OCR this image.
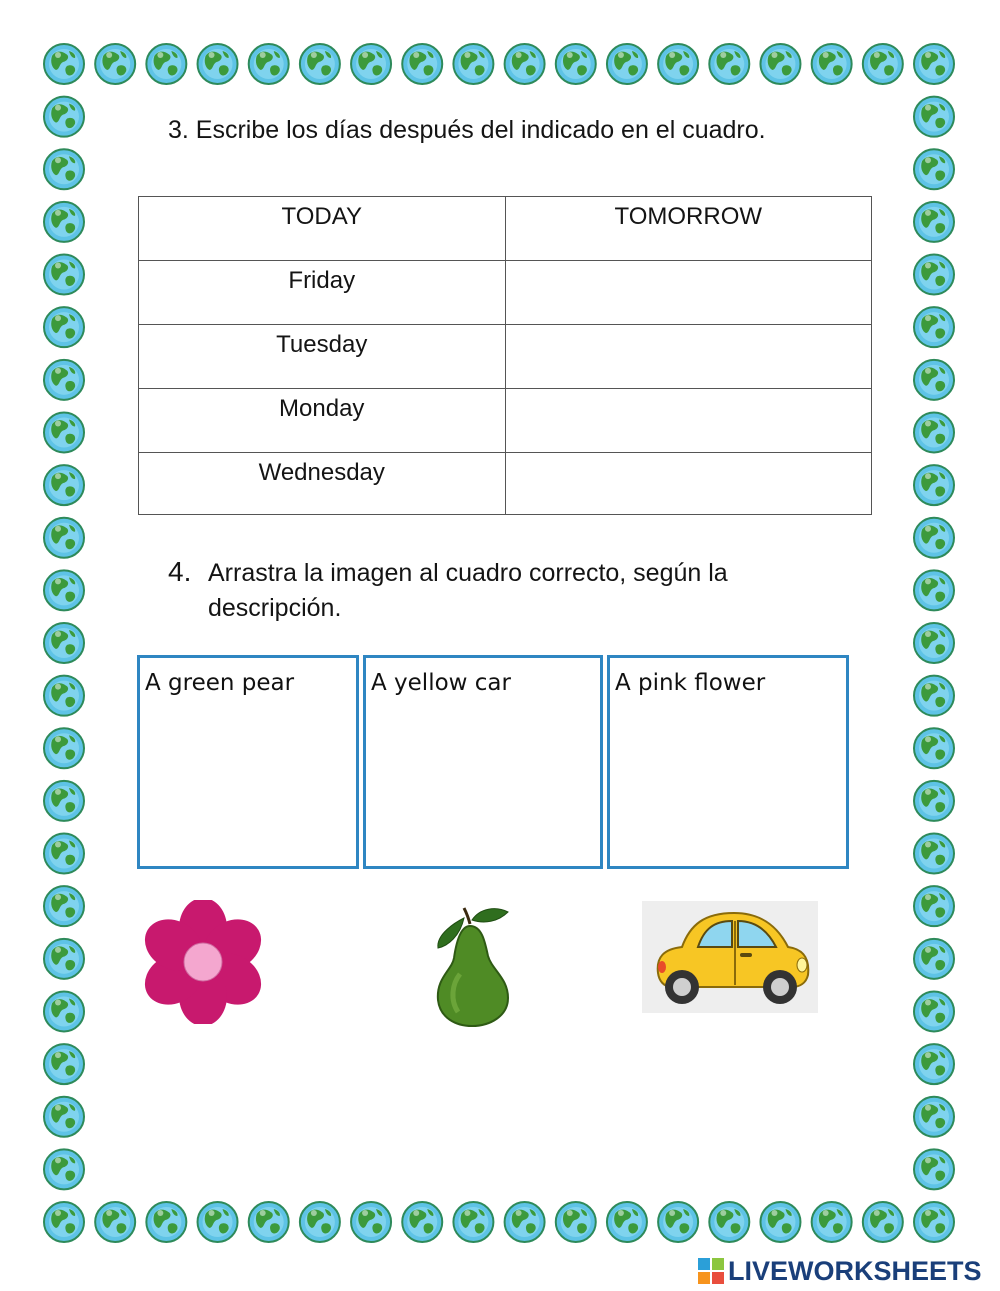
3. Escribe los días después del indicado en el cuadro.
TODAY	TOMORROW
Friday	
Tuesday	
Monday	
Wednesday	
4. Arrastra la imagen al cuadro correcto, según la descripción.
A green pear	A yellow car	A pink flower
LIVEWORKSHEETS
